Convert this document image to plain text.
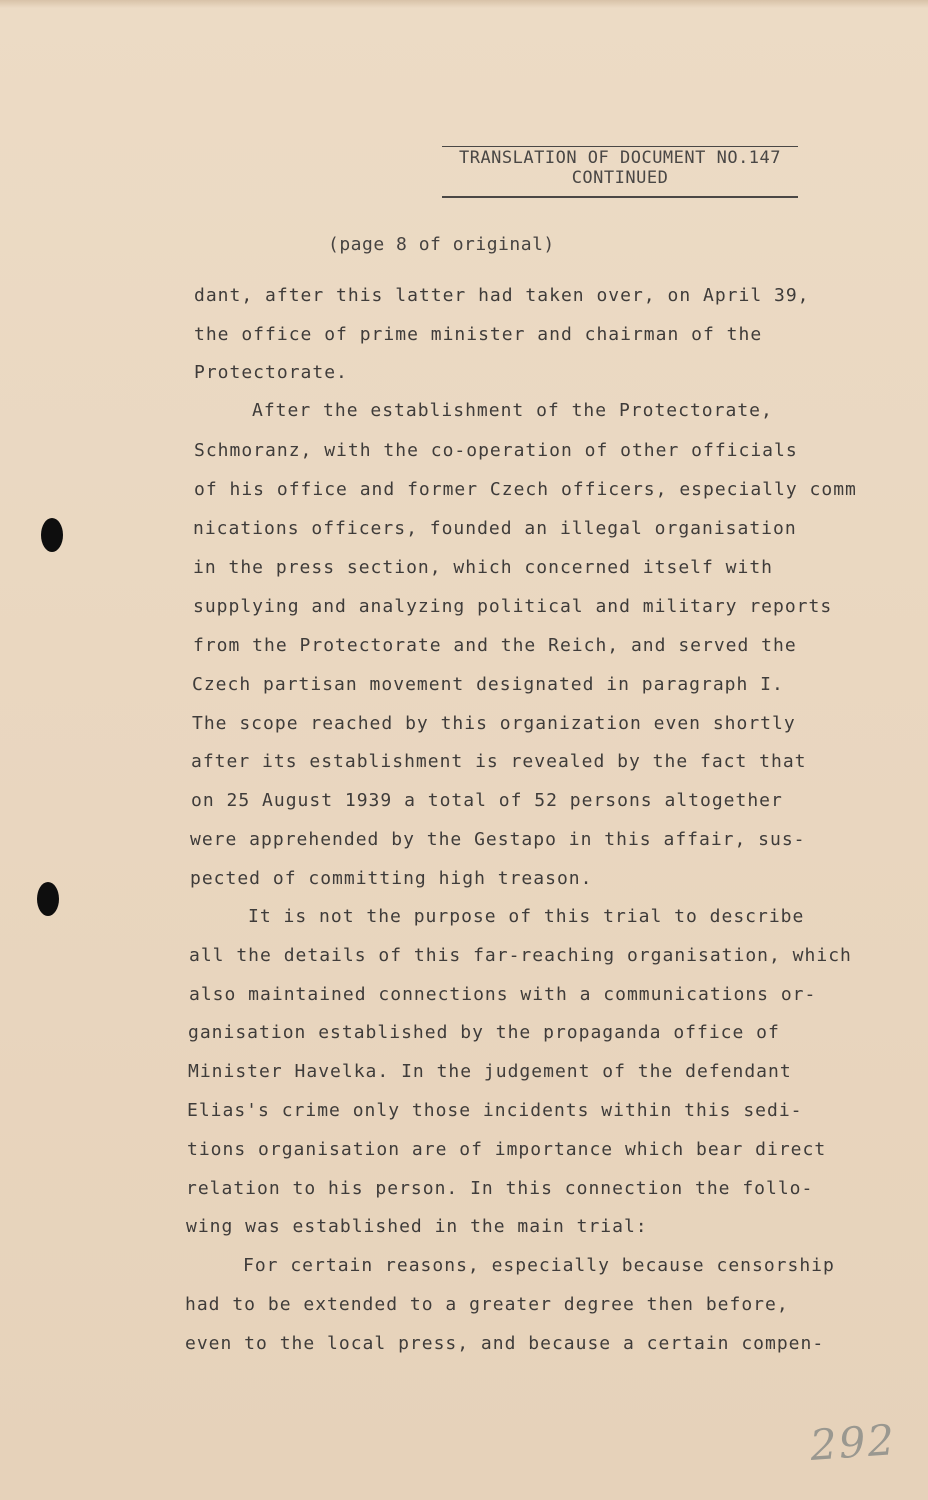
TRANSLATION OF DOCUMENT NO.147
CONTINUED
(page 8 of original)
dant, after this latter had taken over, on April 39,
the office of prime minister and chairman of the
Protectorate.
After the establishment of the Protectorate,
Schmoranz, with the co-operation of other officials
of his office and former Czech officers, especially comm
nications officers, founded an illegal organisation
in the press section, which concerned itself with
supplying and analyzing political and military reports
from the Protectorate and the Reich, and served the
Czech partisan movement designated in paragraph I.
The scope reached by this organization even shortly
after its establishment is revealed by the fact that
on 25 August 1939 a total of 52 persons altogether
were apprehended by the Gestapo in this affair, sus-
pected of committing high treason.
It is not the purpose of this trial to describe
all the details of this far-reaching organisation, which
also maintained connections with a communications or-
ganisation established by the propaganda office of
Minister Havelka. In the judgement of the defendant
Elias's crime only those incidents within this sedi-
tions organisation are of importance which bear direct
relation to his person. In this connection the follo-
wing was established in the main trial:
For certain reasons, especially because censorship
had to be extended to a greater degree then before,
even to the local press, and because a certain compen-
292
